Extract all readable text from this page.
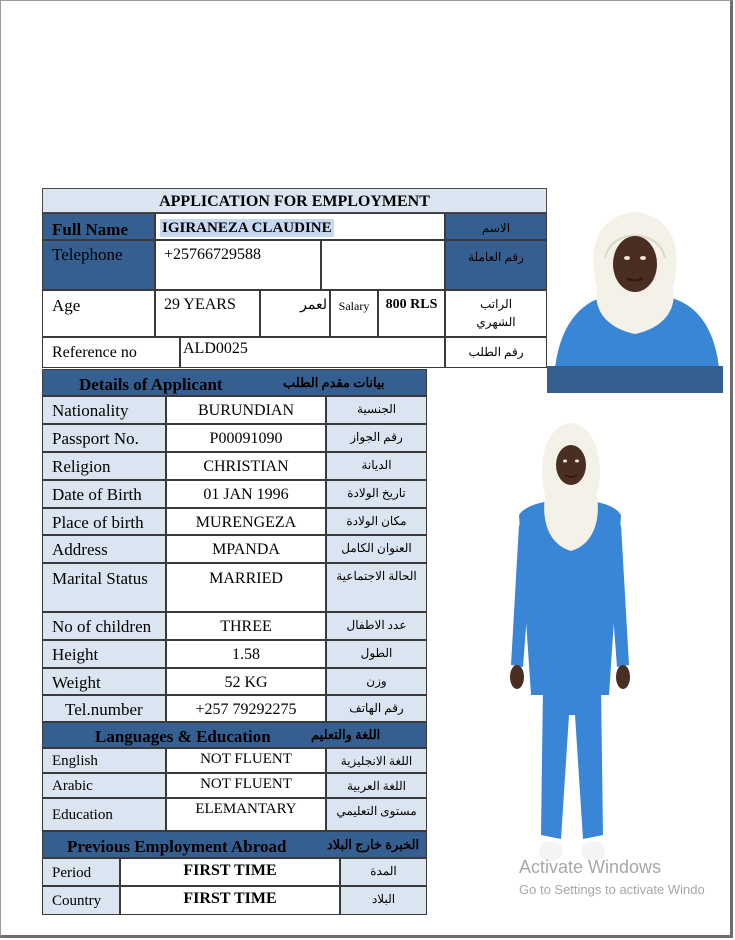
APPLICATION FOR EMPLOYMENT
Full Name	IGIRANEZA CLAUDINE	الاسم
Telephone	+25766729588	رقم العاملة
Age	29 YEARS	لعمر Salary	800 RLS	الراتب الشهري
Reference no	ALD0025	رقم الطلب
Details of Applicant	بيانات مقدم الطلب
Nationality	BURUNDIAN	الجنسية
Passport No.	P00091090	رقم الجواز
Religion	CHRISTIAN	الديانة
Date of Birth	01 JAN 1996	تاريخ الولادة
Place of birth	MURENGEZA	مكان الولادة
Address	MPANDA	العنوان الكامل
Marital Status	MARRIED	الحالة الاجتماعية
No of children	THREE	عدد الاطفال
Height	1.58	الطول
Weight	52 KG	وزن
Tel.number	+257 79292275	رقم الهاتف
Languages & Education	اللغة والتعليم
English	NOT FLUENT	اللغة الانجليزية
Arabic	NOT FLUENT	اللغة العربية
Education	ELEMANTARY	مستوى التعليمي
Previous Employment Abroad	الخبرة خارج البلاد
Period	FIRST TIME	المدة
Country	FIRST TIME	البلاد
Activate Windows
Go to Settings to activate Windo
